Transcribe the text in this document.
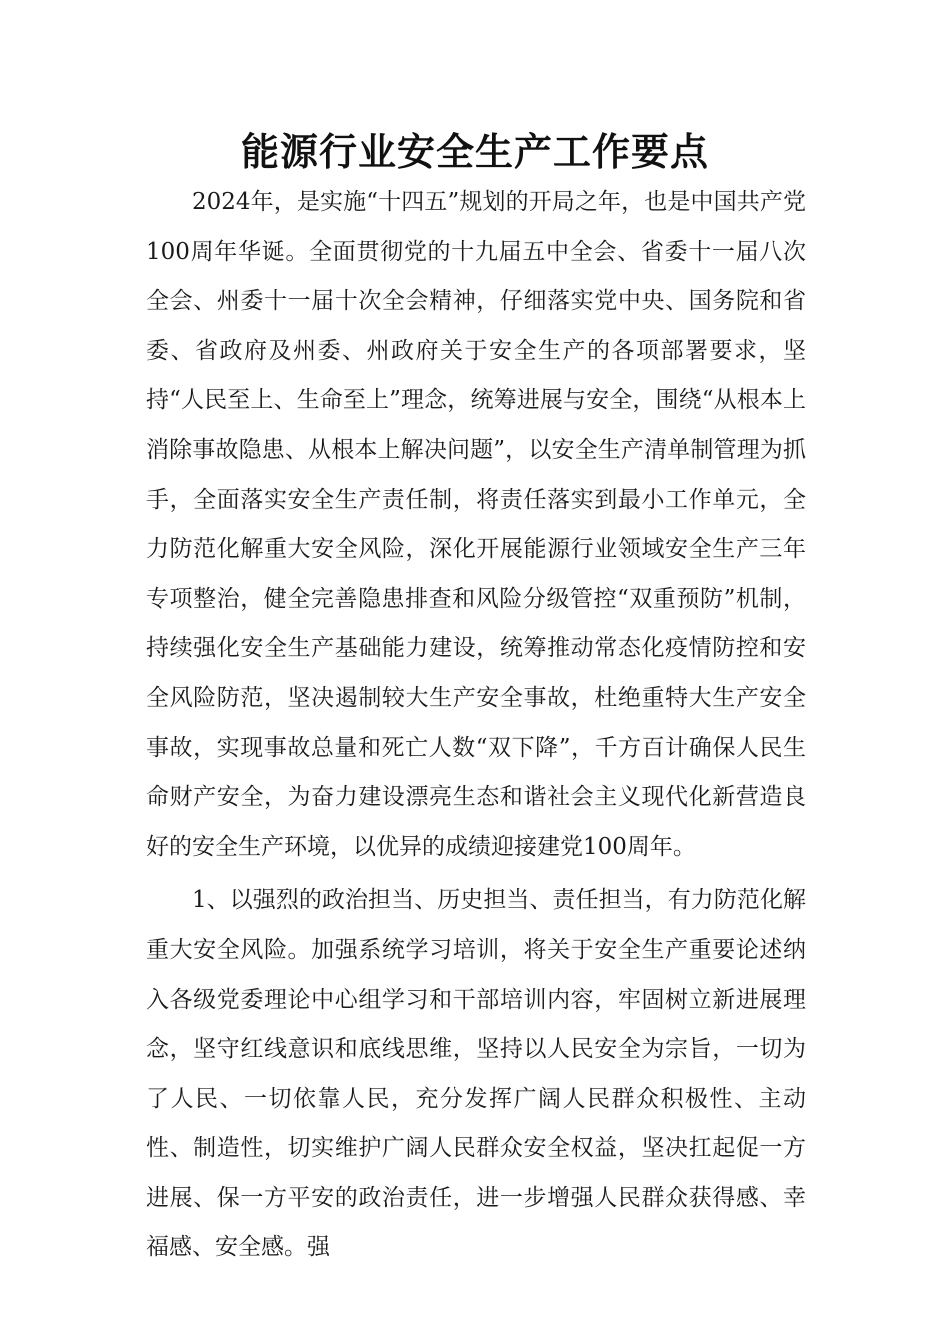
能源行业安全生产工作要点

2024年，是实施“十四五”规划的开局之年，也是中国共产党100周年华诞。全面贯彻党的十九届五中全会、省委十一届八次全会、州委十一届十次全会精神，仔细落实党中央、国务院和省委、省政府及州委、州政府关于安全生产的各项部署要求，坚持“人民至上、生命至上”理念，统筹进展与安全，围绕“从根本上消除事故隐患、从根本上解决问题”，以安全生产清单制管理为抓手，全面落实安全生产责任制，将责任落实到最小工作单元，全力防范化解重大安全风险，深化开展能源行业领域安全生产三年专项整治，健全完善隐患排查和风险分级管控“双重预防”机制，持续强化安全生产基础能力建设，统筹推动常态化疫情防控和安全风险防范，坚决遏制较大生产安全事故，杜绝重特大生产安全事故，实现事故总量和死亡人数“双下降”，千方百计确保人民生命财产安全，为奋力建设漂亮生态和谐社会主义现代化新营造良好的安全生产环境，以优异的成绩迎接建党100周年。

1、以强烈的政治担当、历史担当、责任担当，有力防范化解重大安全风险。加强系统学习培训，将关于安全生产重要论述纳入各级党委理论中心组学习和干部培训内容，牢固树立新进展理念，坚守红线意识和底线思维，坚持以人民安全为宗旨，一切为了人民、一切依靠人民，充分发挥广阔人民群众积极性、主动性、制造性，切实维护广阔人民群众安全权益，坚决扛起促一方进展、保一方平安的政治责任，进一步增强人民群众获得感、幸福感、安全感。强
